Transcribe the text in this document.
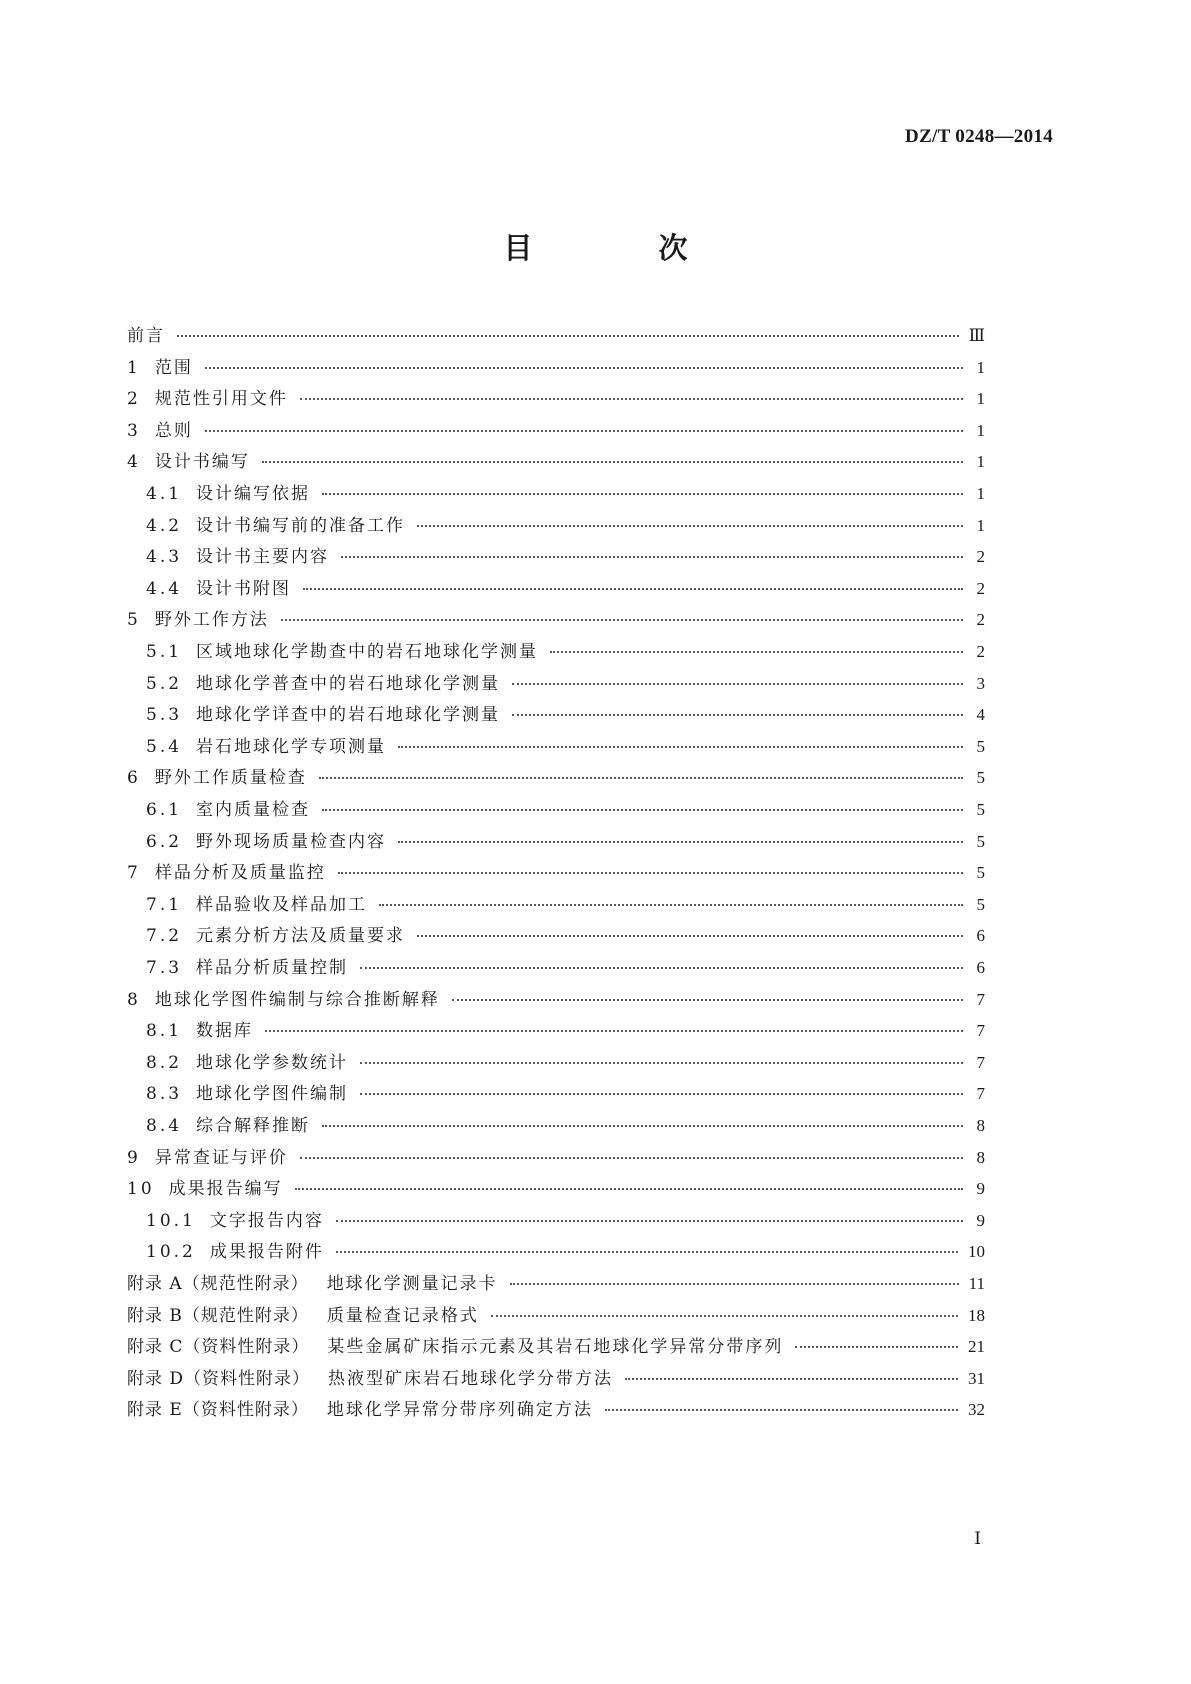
DZ/T 0248—2014
目 次
前言	Ⅲ
1 范围	1
2 规范性引用文件	1
3 总则	1
4 设计书编写	1
4.1 设计编写依据	1
4.2 设计书编写前的准备工作	1
4.3 设计书主要内容	2
4.4 设计书附图	2
5 野外工作方法	2
5.1 区域地球化学勘查中的岩石地球化学测量	2
5.2 地球化学普查中的岩石地球化学测量	3
5.3 地球化学详查中的岩石地球化学测量	4
5.4 岩石地球化学专项测量	5
6 野外工作质量检查	5
6.1 室内质量检查	5
6.2 野外现场质量检查内容	5
7 样品分析及质量监控	5
7.1 样品验收及样品加工	5
7.2 元素分析方法及质量要求	6
7.3 样品分析质量控制	6
8 地球化学图件编制与综合推断解释	7
8.1 数据库	7
8.2 地球化学参数统计	7
8.3 地球化学图件编制	7
8.4 综合解释推断	8
9 异常查证与评价	8
10 成果报告编写	9
10.1 文字报告内容	9
10.2 成果报告附件	10
附录 A（规范性附录） 地球化学测量记录卡	11
附录 B（规范性附录） 质量检查记录格式	18
附录 C（资料性附录） 某些金属矿床指示元素及其岩石地球化学异常分带序列	21
附录 D（资料性附录） 热液型矿床岩石地球化学分带方法	31
附录 E（资料性附录） 地球化学异常分带序列确定方法	32
Ⅰ
